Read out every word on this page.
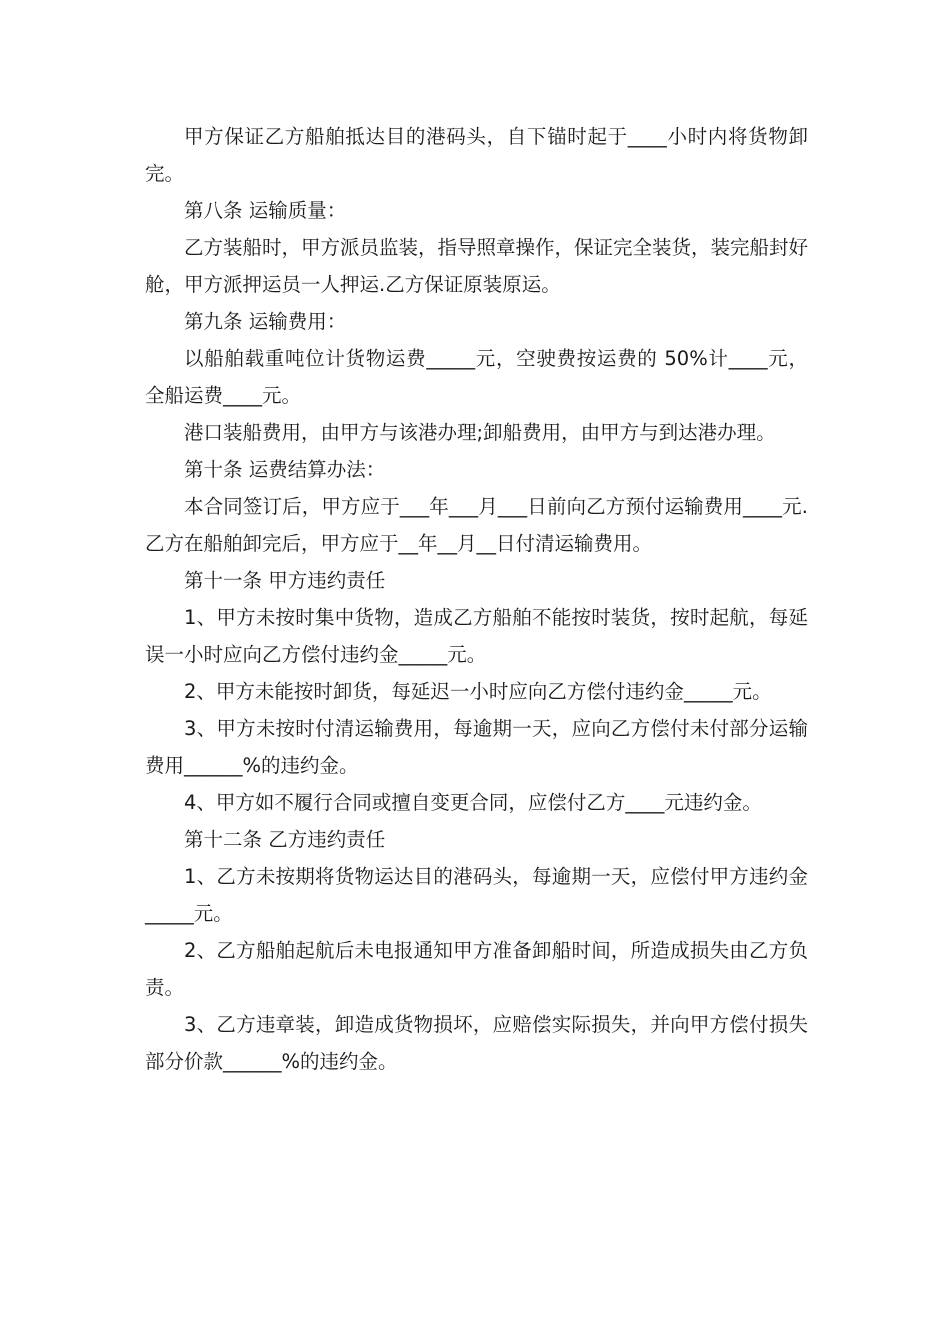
甲方保证乙方船舶抵达目的港码头，自下锚时起于____小时内将货物卸完。

第八条 运输质量：

乙方装船时，甲方派员监装，指导照章操作，保证完全装货，装完船封好舱，甲方派押运员一人押运.乙方保证原装原运。

第九条 运输费用：

以船舶载重吨位计货物运费_____元，空驶费按运费的 50%计____元，全船运费____元。

港口装船费用，由甲方与该港办理;卸船费用，由甲方与到达港办理。

第十条 运费结算办法：

本合同签订后，甲方应于___年___月___日前向乙方预付运输费用____元.乙方在船舶卸完后，甲方应于__年__月__日付清运输费用。

第十一条 甲方违约责任

1、甲方未按时集中货物，造成乙方船舶不能按时装货，按时起航，每延误一小时应向乙方偿付违约金_____元。

2、甲方未能按时卸货，每延迟一小时应向乙方偿付违约金_____元。

3、甲方未按时付清运输费用，每逾期一天，应向乙方偿付未付部分运输费用______%的违约金。

4、甲方如不履行合同或擅自变更合同，应偿付乙方____元违约金。

第十二条 乙方违约责任

1、乙方未按期将货物运达目的港码头，每逾期一天，应偿付甲方违约金_____元。

2、乙方船舶起航后未电报通知甲方准备卸船时间，所造成损失由乙方负责。

3、乙方违章装，卸造成货物损坏，应赔偿实际损失，并向甲方偿付损失部分价款______%的违约金。
